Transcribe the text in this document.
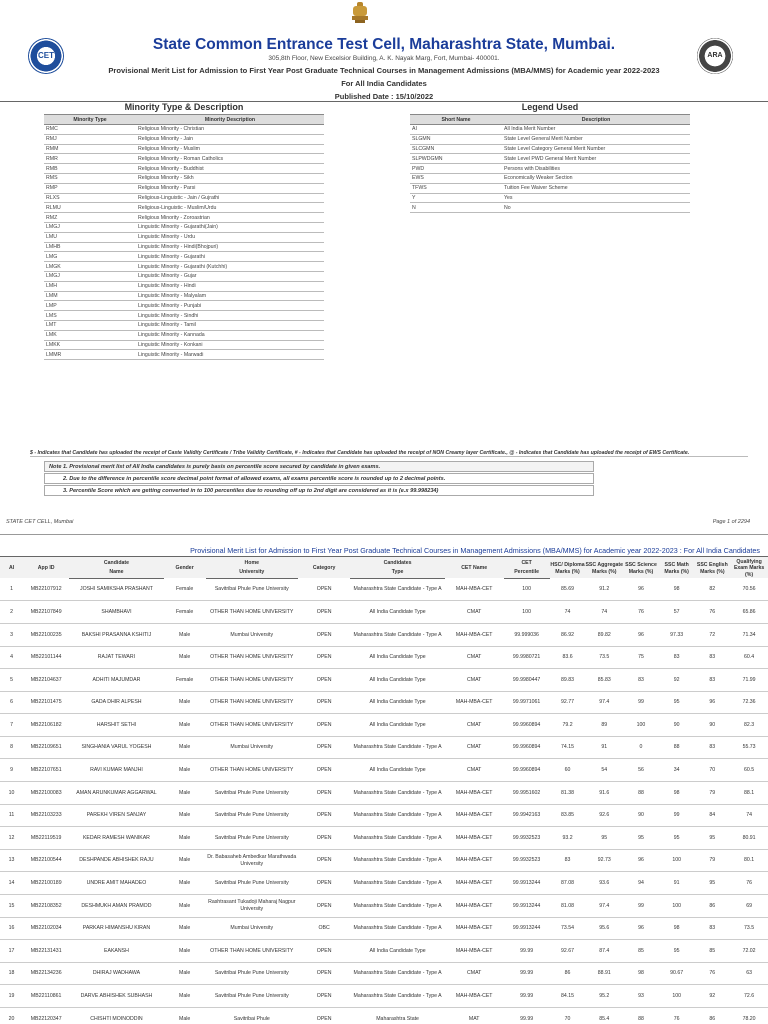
CET	ARA
State Common Entrance Test Cell, Maharashtra State, Mumbai.
305,8th Floor, New Excelsior Building, A. K. Nayak Marg, Fort, Mumbai- 400001.
Provisional Merit List for Admission to First Year Post Graduate Technical Courses in Management Admissions (MBA/MMS) for Academic year 2022-2023
For All India Candidates
Published Date : 15/10/2022
Minority Type & Description
Minority Type	Minority Description
RMC	Religious Minority - Christian
RMJ	Religious Minority - Jain
RMM	Religious Minority - Muslim
RMR	Religious Minority - Roman Catholics
RMB	Religious Minority - Buddhist
RMS	Religious Minority - Sikh
RMP	Religious Minority - Parsi
RLXS	Religious-Linguistic - Jain / Gujrathi
RLMU	Religious-Linguistic - Muslim/Urdu
RMZ	Religious Minority - Zoroastrian
LMGJ	Linguistic Minority - Gujarathi(Jain)
LMU	Linguistic Minority - Urdu
LMHB	Linguistic Minority - Hindi(Bhojpuri)
LMG	Linguistic Minority - Gujarathi
LMGK	Linguistic Minority - Gujarathi (Kutchhi)
LMGJ	Linguistic Minority - Gujar
LMH	Linguistic Minority - Hindi
LMM	Linguistic Minority - Malyalam
LMP	Linguistic Minority - Punjabi
LMS	Linguistic Minority - Sindhi
LMT	Linguistic Minority - Tamil
LMK	Linguistic Minority - Kannada
LMKK	Linguistic Minority - Konkani
LMMR	Linguistic Minority - Marwadi
Legend Used
Short Name	Description
AI	All India Merit Number
SLGMN	State Level General Merit Number
SLCGMN	State Level Category General Merit Number
SLPWDGMN	State Level PWD General Merit Number
PWD	Persons with Disabilities
EWS	Economically Weaker Section
TFWS	Tuition Fee Waiver Scheme
Y	Yes
N	No
$ - Indicates that Candidate has uploaded the receipt of Caste Validity Certificate / Tribe Validity Certificate, # - Indicates that Candidate has uploaded the receipt of NON Creamy layer Certificate., @ - Indicates that Candidate has uploaded the receipt of EWS Certificate.
Note 1. Provisional merit list of All India candidates is purely basis on percentile score secured by candidate in given exams.
2. Due to the difference in percentile score decimal point format of allowed exams, all exams percentile score is rounded up to 2 decimal points.
3. Percentile Score which are getting converted in to 100 percentiles due to rounding off up to 2nd digit are considered as it is (e.x 99.998234)
STATE CET CELL, Mumbai	Page 1 of 2294
Provisional Merit List for Admission to First Year Post Graduate Technical Courses in Management Admissions (MBA/MMS) for Academic year 2022-2023 : For All India Candidates
AI	App ID	Candidate	Gender	Home	Category	Candidates	CET Name	CET	HSC/ Diploma Marks (%)	SSC Aggregate Marks (%)	SSC Science Marks (%)	SSC Math Marks (%)	SSC English Marks (%)	Qualifying Exam Marks (%)
		Name		University		Type		Percentile						
1	MB22107912	JOSHI SAMIKSHA PRASHANT	Female	Savitribai Phule Pune University	OPEN	Maharashtra State Candidate - Type A	MAH-MBA-CET	100	85.69	91.2	96	98	82	70.56
2	MB22107849	SHAMBHAVI	Female	OTHER THAN HOME UNIVERSITY	OPEN	All India Candidate Type	CMAT	100	74	74	76	57	76	65.86
3	MB22100235	BAKSHI PRASANNA KSHITIJ	Male	Mumbai University	OPEN	Maharashtra State Candidate - Type A	MAH-MBA-CET	99.999036	86.92	89.82	96	97.33	72	71.34
4	MB22101144	RAJAT TEWARI	Male	OTHER THAN HOME UNIVERSITY	OPEN	All India Candidate Type	CMAT	99.9980721	83.6	73.5	75	83	83	60.4
5	MB22104637	ADHITI MAJUMDAR	Female	OTHER THAN HOME UNIVERSITY	OPEN	All India Candidate Type	CMAT	99.9980447	89.83	85.83	83	92	83	71.99
6	MB22101475	GADA DHIR ALPESH	Male	OTHER THAN HOME UNIVERSITY	OPEN	All India Candidate Type	MAH-MBA-CET	99.9971061	92.77	97.4	99	95	96	72.36
7	MB22106182	HARSHIT SETHI	Male	OTHER THAN HOME UNIVERSITY	OPEN	All India Candidate Type	CMAT	99.9960894	79.2	89	100	90	90	82.3
8	MB22109651	SINGHANIA VARUL YOGESH	Male	Mumbai University	OPEN	Maharashtra State Candidate - Type A	CMAT	99.9960894	74.15	91	0	88	83	55.73
9	MB22107651	RAVI KUMAR MANJHI	Male	OTHER THAN HOME UNIVERSITY	OPEN	All India Candidate Type	CMAT	99.9960894	60	54	56	34	70	60.5
10	MB22100083	AMAN ARUNKUMAR AGGARWAL	Male	Savitribai Phule Pune University	OPEN	Maharashtra State Candidate - Type A	MAH-MBA-CET	99.9951602	81.38	91.6	88	98	79	88.1
11	MB22103233	PAREKH VIREN SANJAY	Male	Savitribai Phule Pune University	OPEN	Maharashtra State Candidate - Type A	MAH-MBA-CET	99.9942163	83.85	92.6	90	99	84	74
12	MB22119519	KEDAR RAMESH WANIKAR	Male	Savitribai Phule Pune University	OPEN	Maharashtra State Candidate - Type A	MAH-MBA-CET	99.9932523	93.2	95	95	95	95	80.91
13	MB22100544	DESHPANDE ABHISHEK RAJU	Male	Dr. Babasaheb Ambedkar Marathwada University	OPEN	Maharashtra State Candidate - Type A	MAH-MBA-CET	99.9932523	83	92.73	96	100	79	80.1
14	MB22100189	UNDRE AMIT MAHADEO	Male	Savitribai Phule Pune University	OPEN	Maharashtra State Candidate - Type A	MAH-MBA-CET	99.9913244	87.08	93.6	94	91	95	76
15	MB22108352	DESHMUKH AMAN PRAMOD	Male	Rashtrasant Tukadoji Maharaj Nagpur University	OPEN	Maharashtra State Candidate - Type A	MAH-MBA-CET	99.9913244	81.08	97.4	99	100	86	69
16	MB22102034	PARKAR HIMANSHU KIRAN	Male	Mumbai University	OBC	Maharashtra State Candidate - Type A	MAH-MBA-CET	99.9913244	73.54	95.6	96	98	83	73.5
17	MB22131431	EAKANSH	Male	OTHER THAN HOME UNIVERSITY	OPEN	All India Candidate Type	MAH-MBA-CET	99.99	92.67	87.4	85	95	85	72.02
18	MB22134236	DHIRAJ WADHAWA	Male	Savitribai Phule Pune University	OPEN	Maharashtra State Candidate - Type A	CMAT	99.99	86	88.91	98	90.67	76	63
19	MB22110861	DARVE ABHISHEK SUBHASH	Male	Savitribai Phule Pune University	OPEN	Maharashtra State Candidate - Type A	MAH-MBA-CET	99.99	84.15	95.2	93	100	92	72.6
20	MB22120347	CHISHTI MOINODDIN	Male	Savitribai Phule	OPEN	Maharashtra State	MAT	99.99	70	85.4	88	76	86	78.20
